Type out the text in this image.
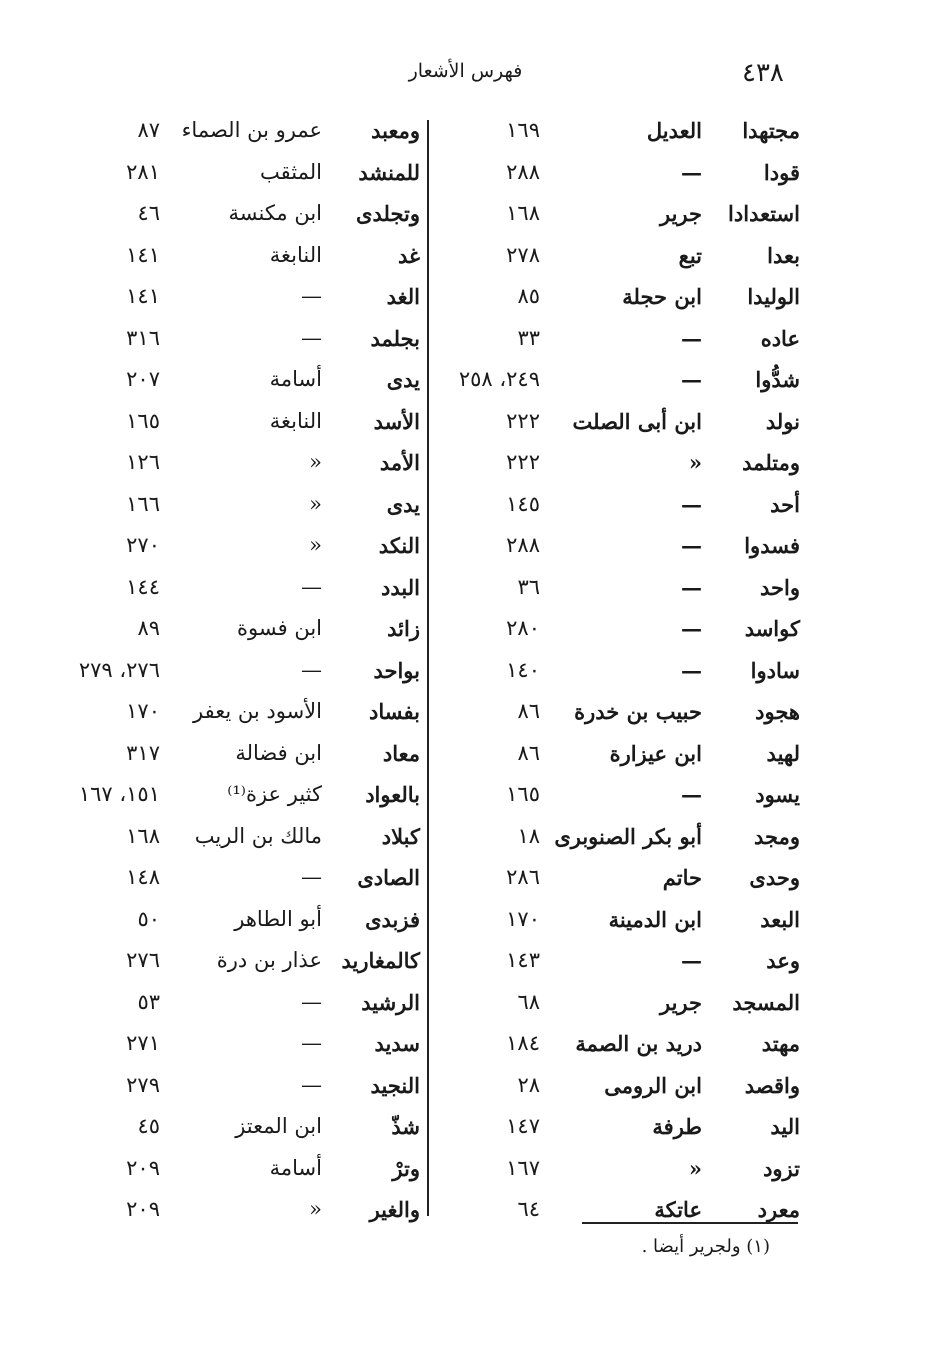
٤٣٨
فهرس الأشعار
مجتهدا
العديل
١٦٩
قودا
—
٢٨٨
استعدادا
جرير
١٦٨
بعدا
تبع
٢٧٨
الوليدا
ابن حجلة
٨٥
عاده
—
٣٣
شدُّوا
—
٢٤٩، ٢٥٨
نولد
ابن أبى الصلت
٢٢٢
ومتلمد
«
٢٢٢
أحد
—
١٤٥
فسدوا
—
٢٨٨
واحد
—
٣٦
كواسد
—
٢٨٠
سادوا
—
١٤٠
هجود
حبيب بن خدرة
٨٦
لهيد
ابن عيزارة
٨٦
يسود
—
١٦٥
ومجد
أبو بكر الصنوبرى
١٨
وحدى
حاتم
٢٨٦
البعد
ابن الدمينة
١٧٠
وعد
—
١٤٣
المسجد
جرير
٦٨
مهتد
دريد بن الصمة
١٨٤
واقصد
ابن الرومى
٢٨
اليد
طرفة
١٤٧
تزود
«
١٦٧
معرد
عاتكة
٦٤
ومعبد
عمرو بن الصماء
٨٧
للمنشد
المثقب
٢٨١
وتجلدى
ابن مكنسة
٤٦
غد
النابغة
١٤١
الغد
—
١٤١
بجلمد
—
٣١٦
يدى
أسامة
٢٠٧
الأسد
النابغة
١٦٥
الأمد
«
١٢٦
يدى
«
١٦٦
النكد
«
٢٧٠
البدد
—
١٤٤
زائد
ابن فسوة
٨٩
بواحد
—
٢٧٦، ٢٧٩
بفساد
الأسود بن يعفر
١٧٠
معاد
ابن فضالة
٣١٧
بالعواد
كثير عزة⁽¹⁾
١٥١، ١٦٧
كبلاد
مالك بن الريب
١٦٨
الصادى
—
١٤٨
فزبدى
أبو الطاهر
٥٠
كالمغاريد
عذار بن درة
٢٧٦
الرشيد
—
٥٣
سديد
—
٢٧١
النجيد
—
٢٧٩
شذّ
ابن المعتز
٤٥
وترْ
أسامة
٢٠٩
والغير
«
٢٠٩
(١) ولجرير أيضا .
